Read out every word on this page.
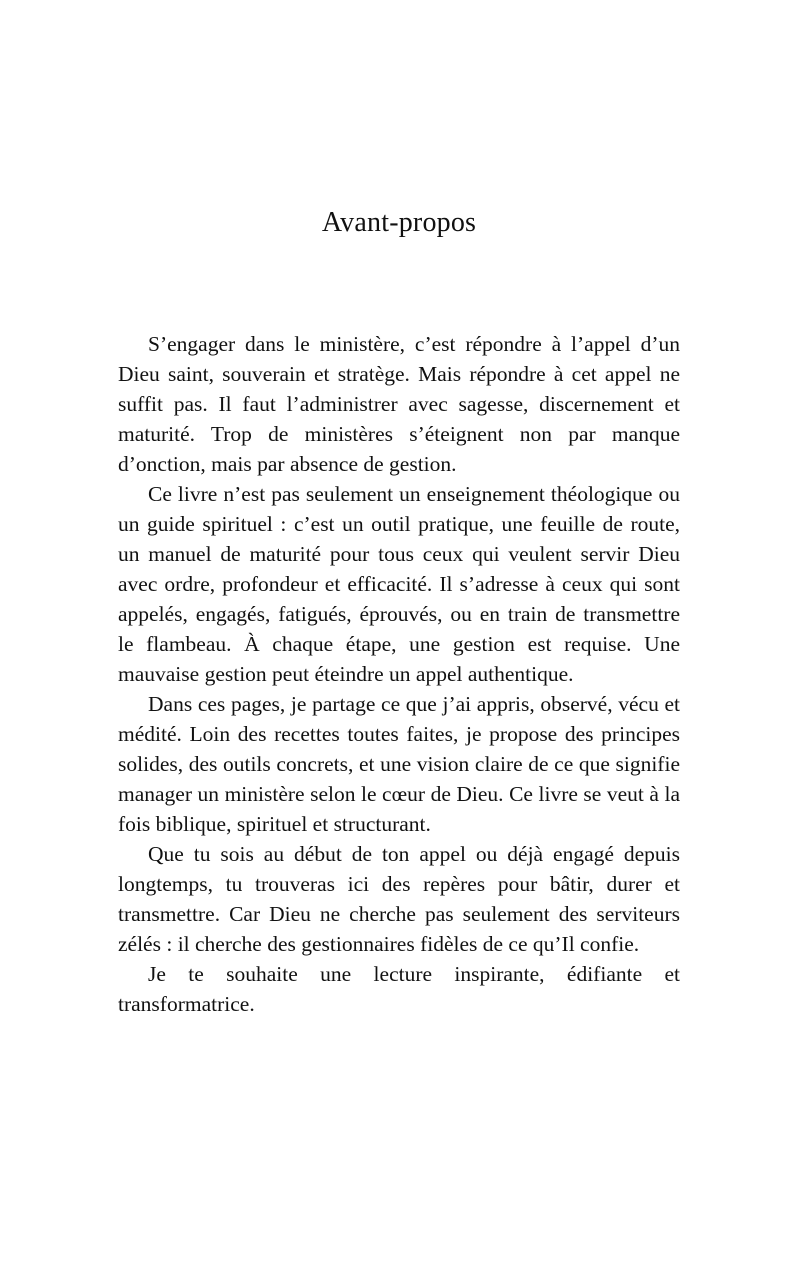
Avant-propos

S’engager dans le ministère, c’est répondre à l’appel d’un Dieu saint, souverain et stratège. Mais répondre à cet appel ne suffit pas. Il faut l’administrer avec sagesse, discernement et maturité. Trop de ministères s’éteignent non par manque d’onction, mais par absence de gestion.

Ce livre n’est pas seulement un enseignement théologique ou un guide spirituel : c’est un outil pratique, une feuille de route, un manuel de maturité pour tous ceux qui veulent servir Dieu avec ordre, profondeur et efficacité. Il s’adresse à ceux qui sont appelés, engagés, fatigués, éprouvés, ou en train de transmettre le flambeau. À chaque étape, une gestion est requise. Une mauvaise gestion peut éteindre un appel authentique.

Dans ces pages, je partage ce que j’ai appris, observé, vécu et médité. Loin des recettes toutes faites, je propose des principes solides, des outils concrets, et une vision claire de ce que signifie manager un ministère selon le cœur de Dieu. Ce livre se veut à la fois biblique, spirituel et structurant.

Que tu sois au début de ton appel ou déjà engagé depuis longtemps, tu trouveras ici des repères pour bâtir, durer et transmettre. Car Dieu ne cherche pas seulement des serviteurs zélés : il cherche des gestionnaires fidèles de ce qu’Il confie.

Je te souhaite une lecture inspirante, édifiante et transformatrice.
